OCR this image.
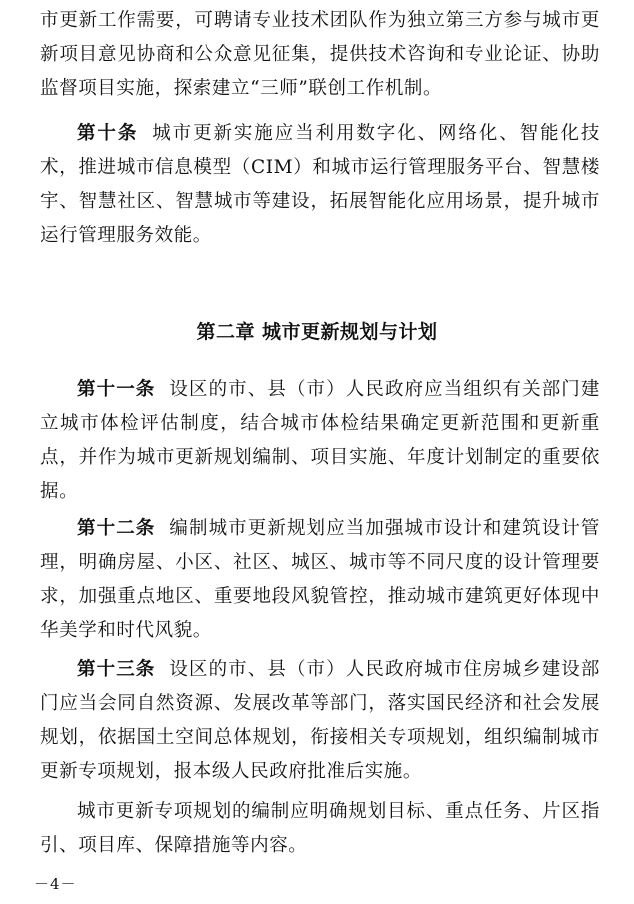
市更新工作需要，可聘请专业技术团队作为独立第三方参与城市更新项目意见协商和公众意见征集，提供技术咨询和专业论证、协助监督项目实施，探索建立“三师”联创工作机制。

第十条 城市更新实施应当利用数字化、网络化、智能化技术，推进城市信息模型（CIM）和城市运行管理服务平台、智慧楼宇、智慧社区、智慧城市等建设，拓展智能化应用场景，提升城市运行管理服务效能。

第二章 城市更新规划与计划

第十一条 设区的市、县（市）人民政府应当组织有关部门建立城市体检评估制度，结合城市体检结果确定更新范围和更新重点，并作为城市更新规划编制、项目实施、年度计划制定的重要依据。

第十二条 编制城市更新规划应当加强城市设计和建筑设计管理，明确房屋、小区、社区、城区、城市等不同尺度的设计管理要求，加强重点地区、重要地段风貌管控，推动城市建筑更好体现中华美学和时代风貌。

第十三条 设区的市、县（市）人民政府城市住房城乡建设部门应当会同自然资源、发展改革等部门，落实国民经济和社会发展规划，依据国土空间总体规划，衔接相关专项规划，组织编制城市更新专项规划，报本级人民政府批准后实施。

城市更新专项规划的编制应明确规划目标、重点任务、片区指引、项目库、保障措施等内容。

－4－
